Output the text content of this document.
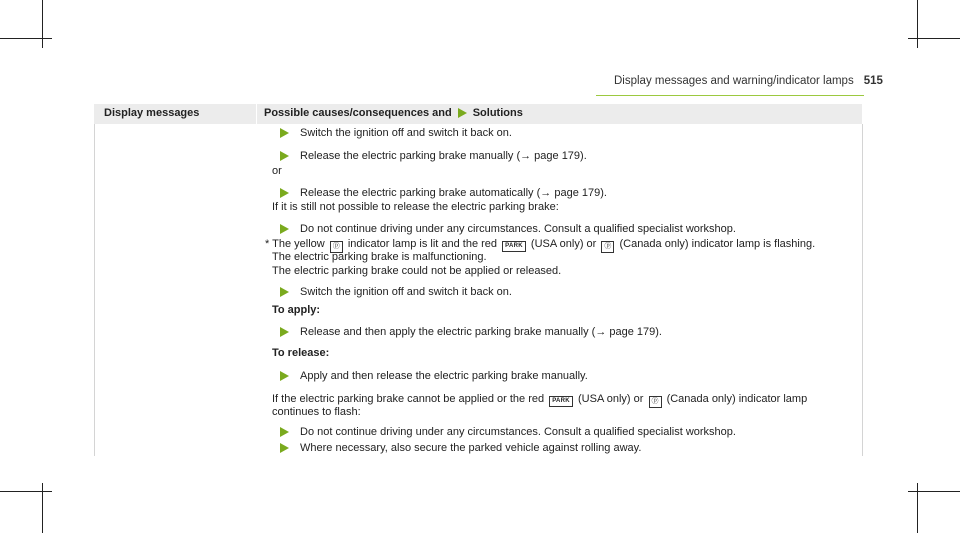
Display messages and warning/indicator lamps 515
Display messages	Possible causes/consequences and Solutions
Switch the ignition off and switch it back on.
Release the electric parking brake manually (→ page 179).
or
Release the electric parking brake automatically (→ page 179).
If it is still not possible to release the electric parking brake:
Do not continue driving under any circumstances. Consult a qualified specialist workshop.
* The yellow ⓟ indicator lamp is lit and the red PARK (USA only) or ⓟ (Canada only) indicator lamp is flashing.
The electric parking brake is malfunctioning.
The electric parking brake could not be applied or released.
Switch the ignition off and switch it back on.
To apply:
Release and then apply the electric parking brake manually (→ page 179).
To release:
Apply and then release the electric parking brake manually.
If the electric parking brake cannot be applied or the red PARK (USA only) or ⓟ (Canada only) indicator lamp
continues to flash:
Do not continue driving under any circumstances. Consult a qualified specialist workshop.
Where necessary, also secure the parked vehicle against rolling away.
